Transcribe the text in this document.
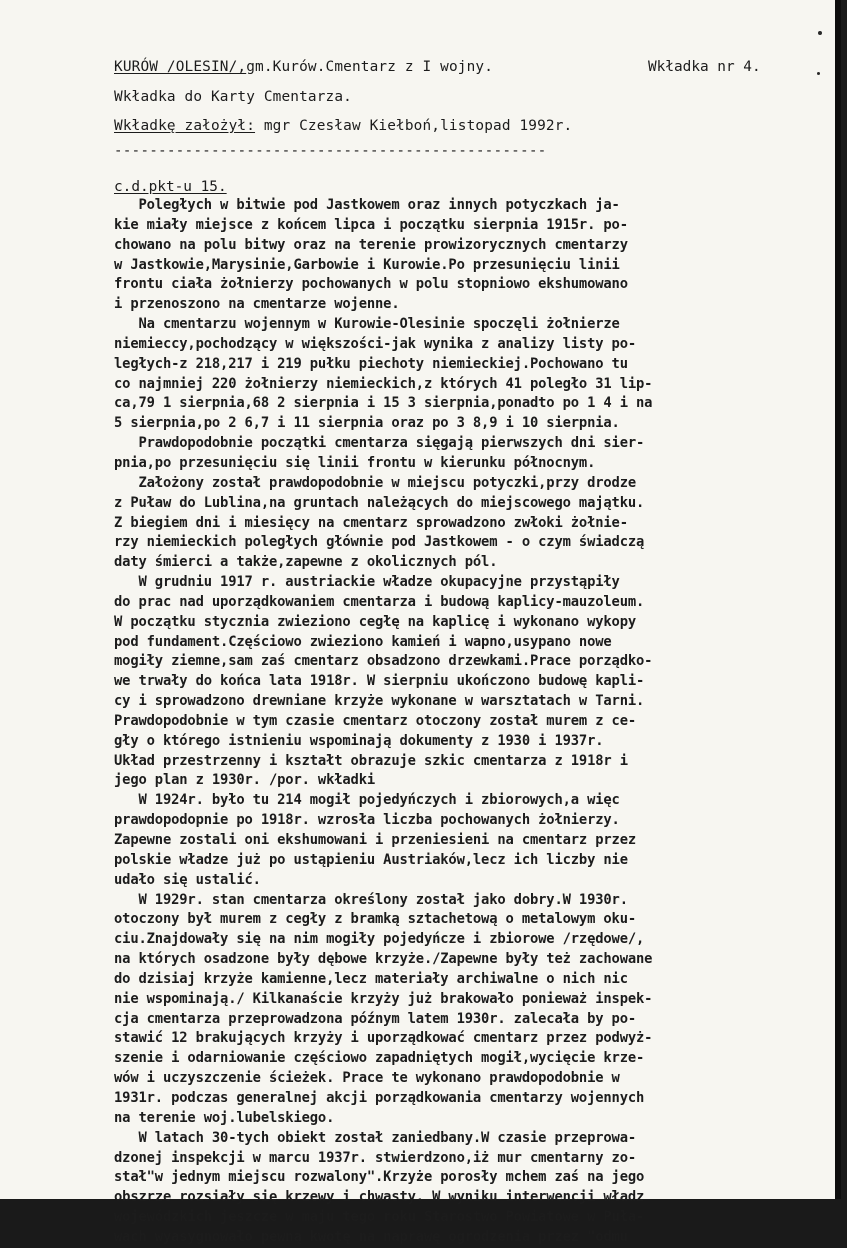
KURÓW /OLESIN/,gm.Kurów.Cmentarz z I wojny.	Wkładka nr 4.
Wkładka do Karty Cmentarza.
Wkładkę założył: mgr Czesław Kiełboń,listopad 1992r.
-------------------------------------------------
c.d.pkt-u 15.
Poległych w bitwie pod Jastkowem oraz innych potyczkach ja-
kie miały miejsce z końcem lipca i początku sierpnia 1915r. po-
chowano na polu bitwy oraz na terenie prowizorycznych cmentarzy
w Jastkowie,Marysinie,Garbowie i Kurowie.Po przesunięciu linii
frontu ciała żołnierzy pochowanych w polu stopniowo ekshumowano
i przenoszono na cmentarze wojenne.
Na cmentarzu wojennym w Kurowie-Olesinie spoczęli żołnierze
niemieccy,pochodzący w większości-jak wynika z analizy listy po-
ległych-z 218,217 i 219 pułku piechoty niemieckiej.Pochowano tu
co najmniej 220 żołnierzy niemieckich,z których 41 poległo 31 lip-
ca,79 1 sierpnia,68 2 sierpnia i 15 3 sierpnia,ponadto po 1 4 i na
5 sierpnia,po 2 6,7 i 11 sierpnia oraz po 3 8,9 i 10 sierpnia.
Prawdopodobnie początki cmentarza sięgają pierwszych dni sier-
pnia,po przesunięciu się linii frontu w kierunku północnym.
Założony został prawdopodobnie w miejscu potyczki,przy drodze
z Puław do Lublina,na gruntach należących do miejscowego majątku.
Z biegiem dni i miesięcy na cmentarz sprowadzono zwłoki żołnie-
rzy niemieckich poległych głównie pod Jastkowem - o czym świadczą
daty śmierci a także,zapewne z okolicznych pól.
W grudniu 1917 r. austriackie władze okupacyjne przystąpiły
do prac nad uporządkowaniem cmentarza i budową kaplicy-mauzoleum.
W początku stycznia zwieziono cegłę na kaplicę i wykonano wykopy
pod fundament.Częściowo zwieziono kamień i wapno,usypano nowe
mogiły ziemne,sam zaś cmentarz obsadzono drzewkami.Prace porządko-
we trwały do końca lata 1918r. W sierpniu ukończono budowę kapli-
cy i sprowadzono drewniane krzyże wykonane w warsztatach w Tarni.
Prawdopodobnie w tym czasie cmentarz otoczony został murem z ce-
gły o którego istnieniu wspominają dokumenty z 1930 i 1937r.
Układ przestrzenny i kształt obrazuje szkic cmentarza z 1918r i
jego plan z 1930r. /por. wkładki
W 1924r. było tu 214 mogił pojedyńczych i zbiorowych,a więc
prawdopodopnie po 1918r. wzrosła liczba pochowanych żołnierzy.
Zapewne zostali oni ekshumowani i przeniesieni na cmentarz przez
polskie władze już po ustąpieniu Austriaków,lecz ich liczby nie
udało się ustalić.
W 1929r. stan cmentarza określony został jako dobry.W 1930r.
otoczony był murem z cegły z bramką sztachetową o metalowym oku-
ciu.Znajdowały się na nim mogiły pojedyńcze i zbiorowe /rzędowe/,
na których osadzone były dębowe krzyże./Zapewne były też zachowane
do dzisiaj krzyże kamienne,lecz materiały archiwalne o nich nic
nie wspominają./ Kilkanaście krzyży już brakowało ponieważ inspek-
cja cmentarza przeprowadzona późnym latem 1930r. zalecała by po-
stawić 12 brakujących krzyży i uporządkować cmentarz przez podwyż-
szenie i odarniowanie częściowo zapadniętych mogił,wycięcie krze-
wów i uczyszczenie ścieżek. Prace te wykonano prawdopodobnie w
1931r. podczas generalnej akcji porządkowania cmentarzy wojennych
na terenie woj.lubelskiego.
W latach 30-tych obiekt został zaniedbany.W czasie przeprowa-
dzonej inspekcji w marcu 1937r. stwierdzono,iż mur cmentarny zo-
stał"w jednym miejscu rozwalony".Krzyże porosły mchem zaś na jego
obszrze rozsiały się krzewy i chwasty. W wyniku interwencji władz
wojewódzkich jeszcze w maju tego roku Starostwo Powiatowe w Puła-
wach wyasygnowało pewną kwotę na naprawę ogrodzenia przez "odmu
